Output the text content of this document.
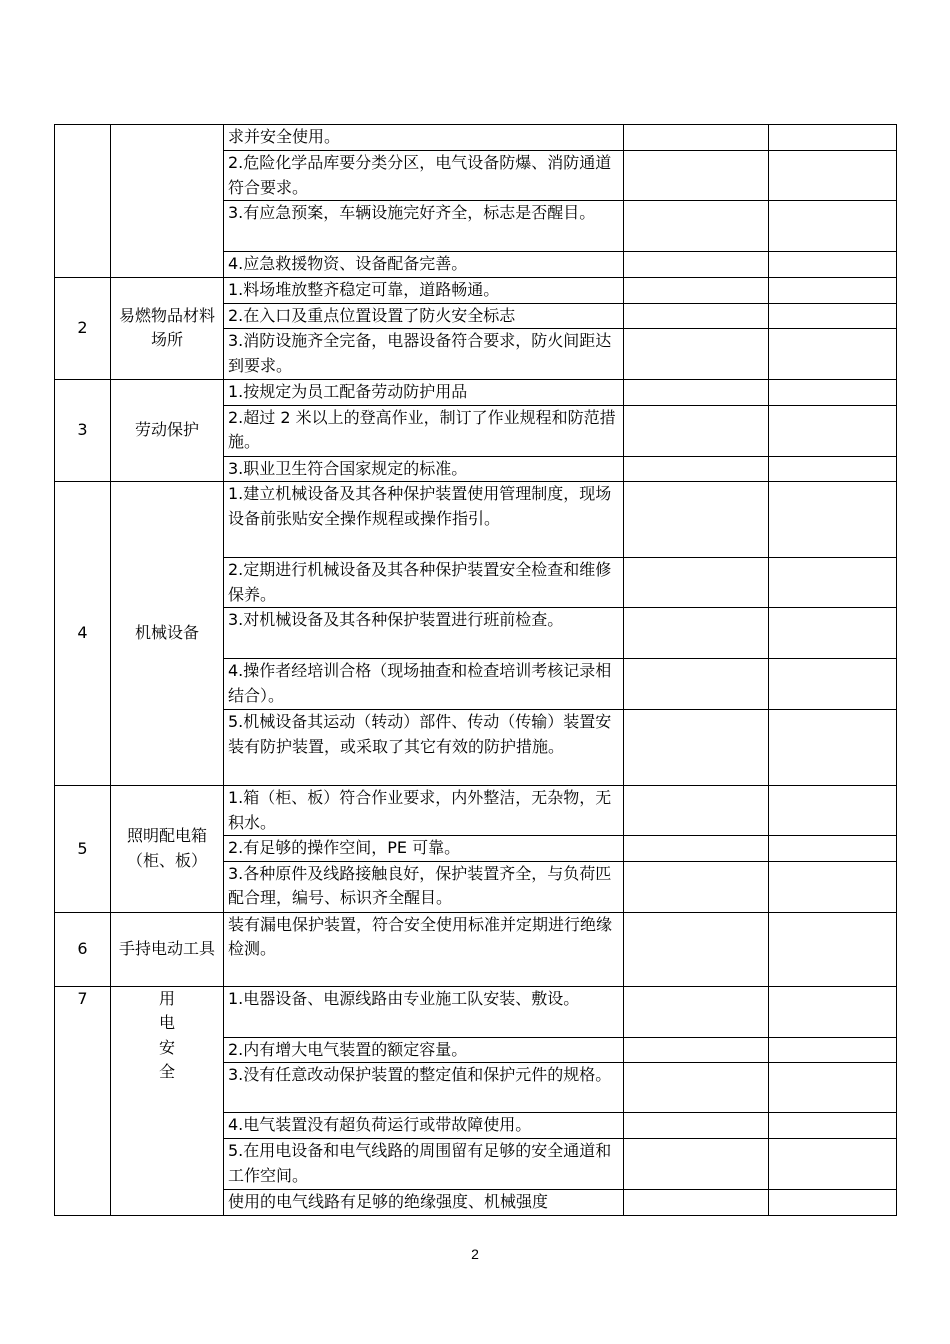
		求并安全使用。		
		2.危险化学品库要分类分区，电气设备防爆、消防通道符合要求。		
		3.有应急预案，车辆设施完好齐全，标志是否醒目。		
		4.应急救援物资、设备配备完善。		
2	易燃物品材料场所	1.料场堆放整齐稳定可靠，道路畅通。		
		2.在入口及重点位置设置了防火安全标志		
		3.消防设施齐全完备，电器设备符合要求，防火间距达到要求。		
3	劳动保护	1.按规定为员工配备劳动防护用品		
		2.超过 2 米以上的登高作业，制订了作业规程和防范措施。		
		3.职业卫生符合国家规定的标准。		
4	机械设备	1.建立机械设备及其各种保护装置使用管理制度，现场设备前张贴安全操作规程或操作指引。		
		2.定期进行机械设备及其各种保护装置安全检查和维修保养。		
		3.对机械设备及其各种保护装置进行班前检查。		
		4.操作者经培训合格（现场抽查和检查培训考核记录相结合）。		
		5.机械设备其运动（转动）部件、传动（传输）装置安装有防护装置，或采取了其它有效的防护措施。		
5	照明配电箱（柜、板）	1.箱（柜、板）符合作业要求，内外整洁，无杂物，无积水。		
		2.有足够的操作空间，PE 可靠。		
		3.各种原件及线路接触良好，保护装置齐全，与负荷匹配合理，编号、标识齐全醒目。		
6	手持电动工具	装有漏电保护装置，符合安全使用标准并定期进行绝缘检测。		
7	用电安全	1.电器设备、电源线路由专业施工队安装、敷设。		
		2.内有增大电气装置的额定容量。		
		3.没有任意改动保护装置的整定值和保护元件的规格。		
		4.电气装置没有超负荷运行或带故障使用。		
		5.在用电设备和电气线路的周围留有足够的安全通道和工作空间。		
		使用的电气线路有足够的绝缘强度、机械强度		
2
